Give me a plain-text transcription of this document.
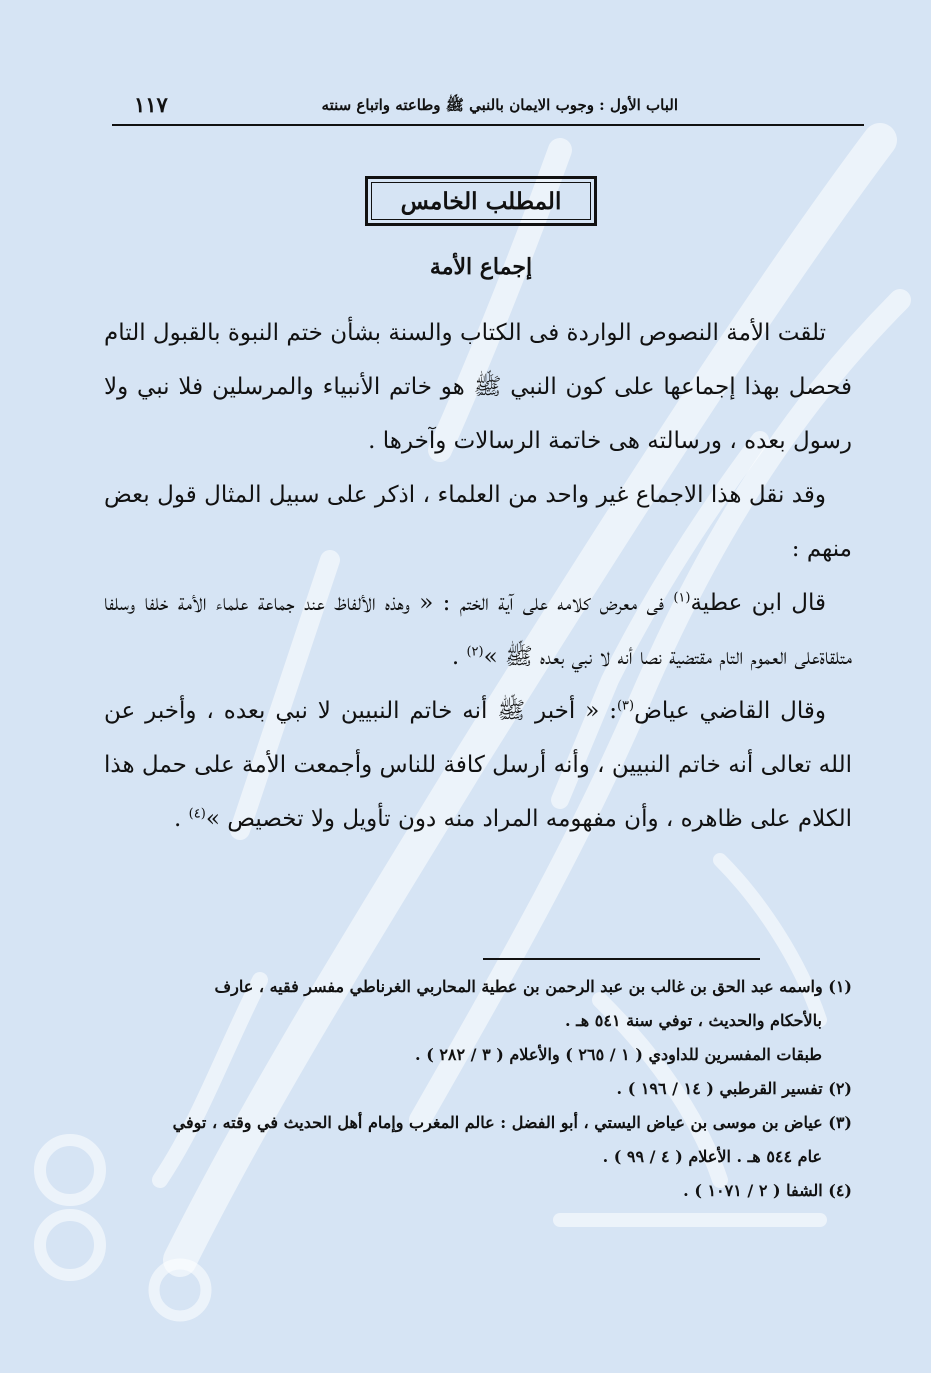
الباب الأول : وجوب الايمان بالنبي ﷺ وطاعته واتباع سنته
١١٧
المطلب الخامس
إجماع الأمة

تلقت الأمة النصوص الواردة فى الكتاب والسنة بشأن ختم النبوة بالقبول التام فحصل بهذا إجماعها على كون النبي ﷺ هو خاتم الأنبياء والمرسلين فلا نبي ولا رسول بعده ، ورسالته هى خاتمة الرسالات وآخرها .

وقد نقل هذا الاجماع غير واحد من العلماء ، اذكر على سبيل المثال قول بعض منهم :

قال ابن عطية$^{(١)}$ فى معرض كلامه على آية الختم : « وهذه الألفاظ عند جماعة علماء الأمة خلفا وسلفا متلقاةعلى العموم التام مقتضية نصا أنه لا نبي بعده ﷺ »$^{(٢)}$ .

وقال القاضي عياض$^{(٣)}$: « أخبر ﷺ أنه خاتم النبيين لا نبي بعده ، وأخبر عن الله تعالى أنه خاتم النبيين ، وأنه أرسل كافة للناس وأجمعت الأمة على حمل هذا الكلام على ظاهره ، وأن مفهومه المراد منه دون تأويل ولا تخصيص »$^{(٤)}$ .

(١) واسمه عبد الحق بن غالب بن عبد الرحمن بن عطية المحاربي الغرناطي مفسر فقيه ، عارف

بالأحكام والحديث ، توفي سنة ٥٤١ هـ .

طبقات المفسرين للداودي ( ١ / ٢٦٥ ) والأعلام ( ٣ / ٢٨٢ ) .

(٢) تفسير القرطبي ( ١٤ / ١٩٦ ) .

(٣) عياض بن موسى بن عياض اليستي ، أبو الفضل : عالم المغرب وإمام أهل الحديث في وقته ، توفي

عام ٥٤٤ هـ . الأعلام ( ٤ / ٩٩ ) .

(٤) الشفا ( ٢ / ١٠٧١ ) .
